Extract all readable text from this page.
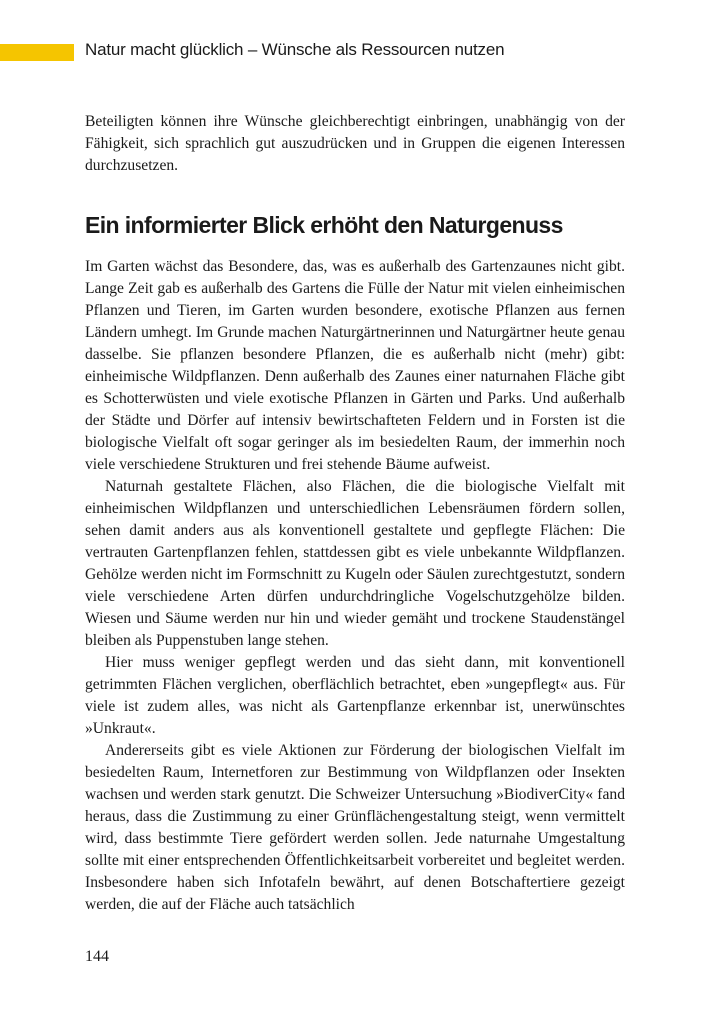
Natur macht glücklich – Wünsche als Ressourcen nutzen

Beteiligten können ihre Wünsche gleichberechtigt einbringen, unabhängig von der Fähigkeit, sich sprachlich gut auszudrücken und in Gruppen die eigenen Interessen durchzusetzen.

Ein informierter Blick erhöht den Naturgenuss

Im Garten wächst das Besondere, das, was es außerhalb des Gartenzaunes nicht gibt. Lange Zeit gab es außerhalb des Gartens die Fülle der Natur mit vielen einheimischen Pflanzen und Tieren, im Garten wurden besondere, exotische Pflanzen aus fernen Ländern umhegt. Im Grunde machen Naturgärtnerinnen und Naturgärtner heute genau dasselbe. Sie pflanzen besondere Pflanzen, die es außerhalb nicht (mehr) gibt: einheimische Wildpflanzen. Denn außerhalb des Zaunes einer naturnahen Fläche gibt es Schotterwüsten und viele exotische Pflanzen in Gärten und Parks. Und außerhalb der Städte und Dörfer auf intensiv bewirtschafteten Feldern und in Forsten ist die biologische Vielfalt oft sogar geringer als im besiedelten Raum, der immerhin noch viele verschiedene Strukturen und frei stehende Bäume aufweist.

Naturnah gestaltete Flächen, also Flächen, die die biologische Vielfalt mit einheimischen Wildpflanzen und unterschiedlichen Lebensräumen fördern sollen, sehen damit anders aus als konventionell gestaltete und gepflegte Flächen: Die vertrauten Gartenpflanzen fehlen, stattdessen gibt es viele unbekannte Wildpflanzen. Gehölze werden nicht im Formschnitt zu Kugeln oder Säulen zurechtgestutzt, sondern viele verschiedene Arten dürfen undurchdringliche Vogelschutzgehölze bilden. Wiesen und Säume werden nur hin und wieder gemäht und trockene Staudenstängel bleiben als Puppenstuben lange stehen.

Hier muss weniger gepflegt werden und das sieht dann, mit konventionell getrimmten Flächen verglichen, oberflächlich betrachtet, eben »ungepflegt« aus. Für viele ist zudem alles, was nicht als Gartenpflanze erkennbar ist, unerwünschtes »Unkraut«.

Andererseits gibt es viele Aktionen zur Förderung der biologischen Vielfalt im besiedelten Raum, Internetforen zur Bestimmung von Wildpflanzen oder Insekten wachsen und werden stark genutzt. Die Schweizer Untersuchung »BiodiverCity« fand heraus, dass die Zustimmung zu einer Grünflächengestaltung steigt, wenn vermittelt wird, dass bestimmte Tiere gefördert werden sollen. Jede naturnahe Umgestaltung sollte mit einer entsprechenden Öffentlichkeitsarbeit vorbereitet und begleitet werden. Insbesondere haben sich Infotafeln bewährt, auf denen Botschaftertiere gezeigt werden, die auf der Fläche auch tatsächlich

144
